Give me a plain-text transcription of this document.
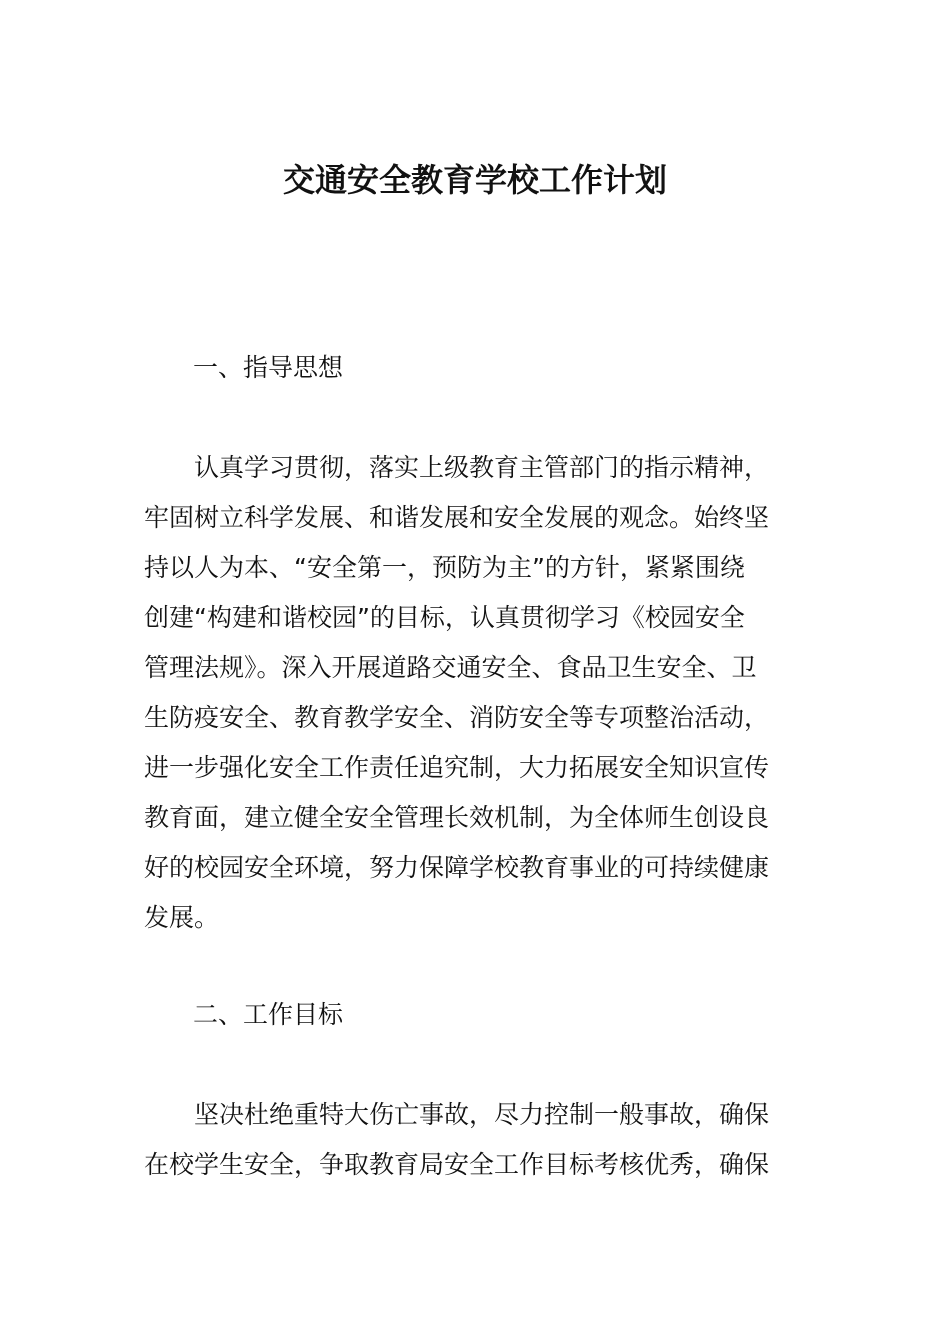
交通安全教育学校工作计划
一、指导思想
认真学习贯彻，落实上级教育主管部门的指示精神，
牢固树立科学发展、和谐发展和安全发展的观念。始终坚
持以人为本、“安全第一，预防为主”的方针，紧紧围绕
创建“构建和谐校园”的目标，认真贯彻学习《校园安全
管理法规》。深入开展道路交通安全、食品卫生安全、卫
生防疫安全、教育教学安全、消防安全等专项整治活动，
进一步强化安全工作责任追究制，大力拓展安全知识宣传
教育面，建立健全安全管理长效机制，为全体师生创设良
好的校园安全环境，努力保障学校教育事业的可持续健康
发展。
二、工作目标
坚决杜绝重特大伤亡事故，尽力控制一般事故，确保
在校学生安全，争取教育局安全工作目标考核优秀，确保
